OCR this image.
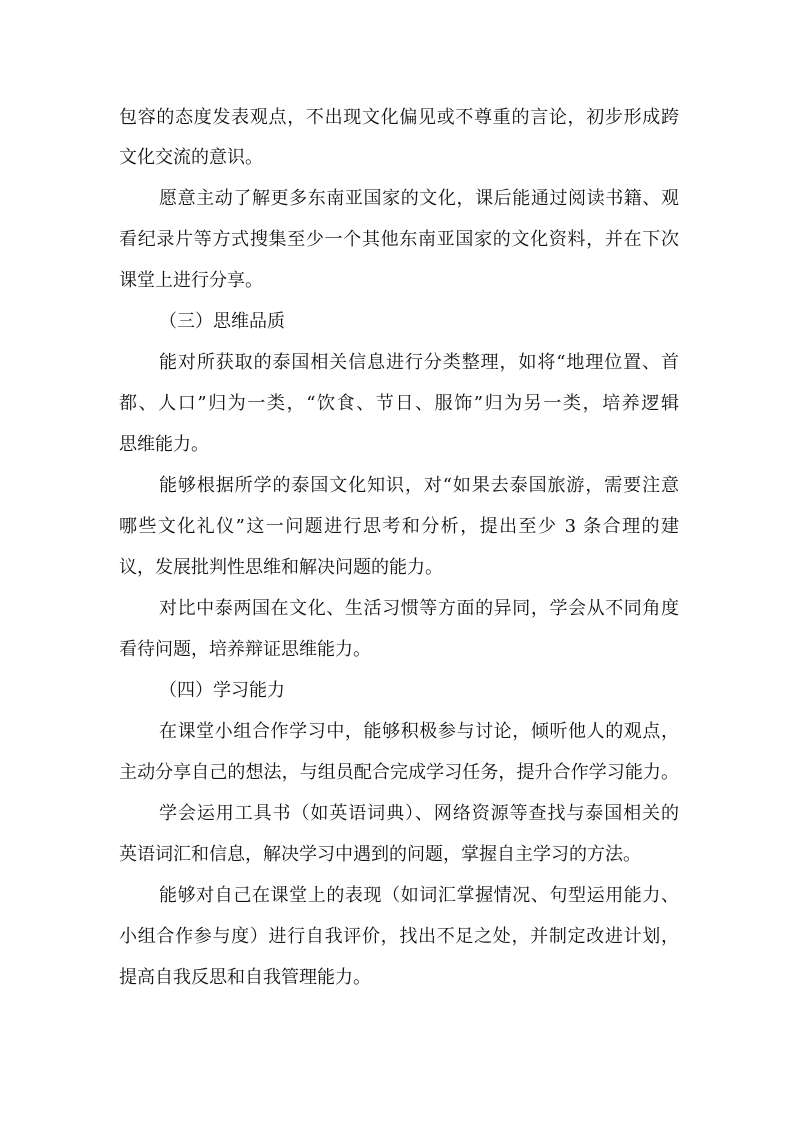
包容的态度发表观点，不出现文化偏见或不尊重的言论，初步形成跨
文化交流的意识。
愿意主动了解更多东南亚国家的文化，课后能通过阅读书籍、观
看纪录片等方式搜集至少一个其他东南亚国家的文化资料，并在下次
课堂上进行分享。
（三）思维品质
能对所获取的泰国相关信息进行分类整理，如将“地理位置、首
都、人口”归为一类，“饮食、节日、服饰”归为另一类，培养逻辑
思维能力。
能够根据所学的泰国文化知识，对“如果去泰国旅游，需要注意
哪些文化礼仪”这一问题进行思考和分析，提出至少 3 条合理的建
议，发展批判性思维和解决问题的能力。
对比中泰两国在文化、生活习惯等方面的异同，学会从不同角度
看待问题，培养辩证思维能力。
（四）学习能力
在课堂小组合作学习中，能够积极参与讨论，倾听他人的观点，
主动分享自己的想法，与组员配合完成学习任务，提升合作学习能力。
学会运用工具书（如英语词典）、网络资源等查找与泰国相关的
英语词汇和信息，解决学习中遇到的问题，掌握自主学习的方法。
能够对自己在课堂上的表现（如词汇掌握情况、句型运用能力、
小组合作参与度）进行自我评价，找出不足之处，并制定改进计划，
提高自我反思和自我管理能力。
